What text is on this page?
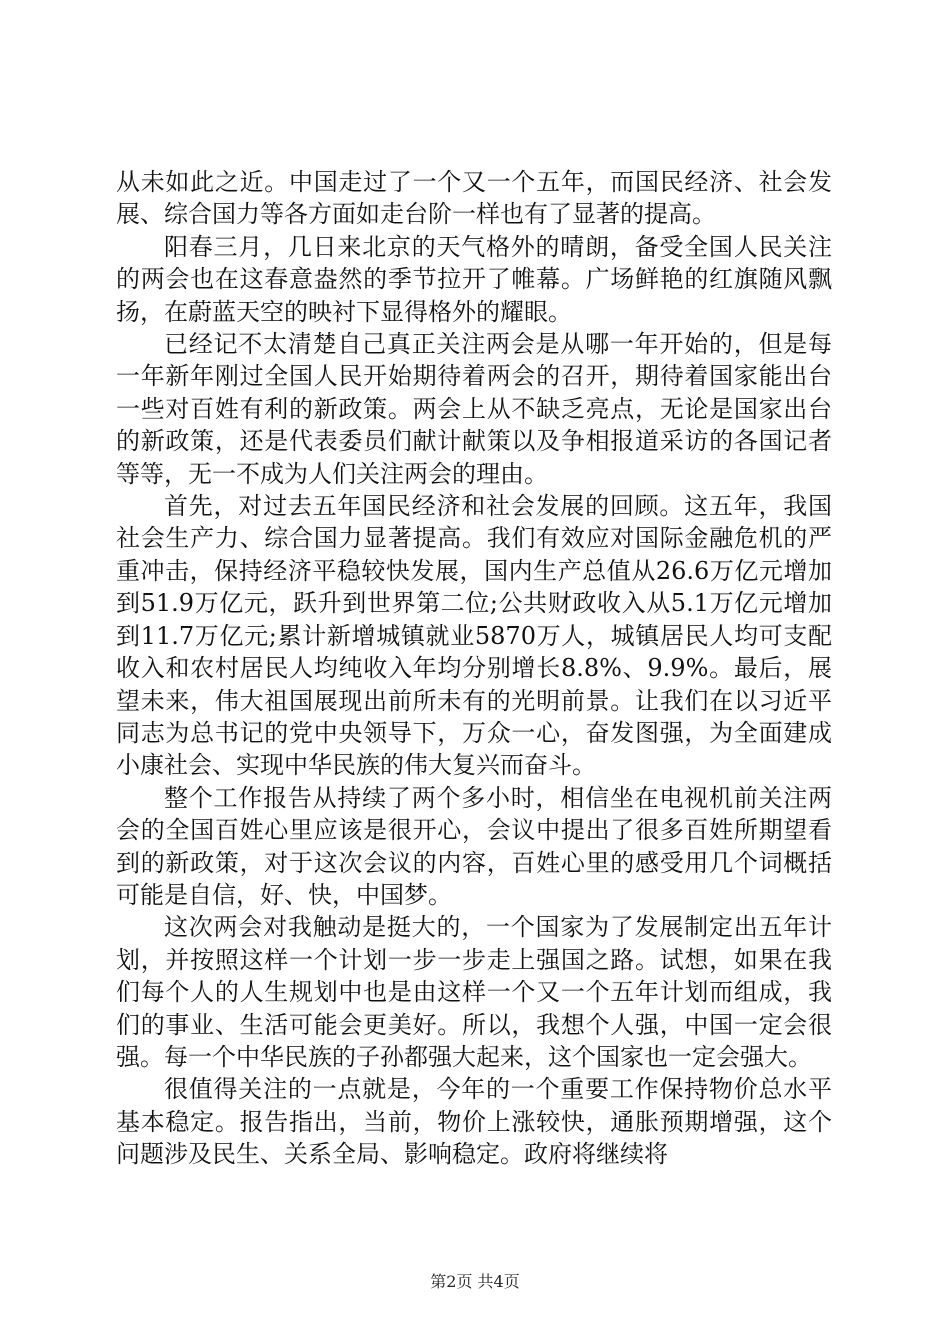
从未如此之近。中国走过了一个又一个五年，而国民经济、社会发展、综合国力等各方面如走台阶一样也有了显著的提高。

阳春三月，几日来北京的天气格外的晴朗，备受全国人民关注的两会也在这春意盎然的季节拉开了帷幕。广场鲜艳的红旗随风飘扬，在蔚蓝天空的映衬下显得格外的耀眼。

已经记不太清楚自己真正关注两会是从哪一年开始的，但是每一年新年刚过全国人民开始期待着两会的召开，期待着国家能出台一些对百姓有利的新政策。两会上从不缺乏亮点，无论是国家出台的新政策，还是代表委员们献计献策以及争相报道采访的各国记者等等，无一不成为人们关注两会的理由。

首先，对过去五年国民经济和社会发展的回顾。这五年，我国社会生产力、综合国力显著提高。我们有效应对国际金融危机的严重冲击，保持经济平稳较快发展，国内生产总值从26.6万亿元增加到51.9万亿元，跃升到世界第二位;公共财政收入从5.1万亿元增加到11.7万亿元;累计新增城镇就业5870万人，城镇居民人均可支配收入和农村居民人均纯收入年均分别增长8.8%、9.9%。最后，展望未来，伟大祖国展现出前所未有的光明前景。让我们在以习近平同志为总书记的党中央领导下，万众一心，奋发图强，为全面建成小康社会、实现中华民族的伟大复兴而奋斗。

整个工作报告从持续了两个多小时，相信坐在电视机前关注两会的全国百姓心里应该是很开心，会议中提出了很多百姓所期望看到的新政策，对于这次会议的内容，百姓心里的感受用几个词概括可能是自信，好、快，中国梦。

这次两会对我触动是挺大的，一个国家为了发展制定出五年计划，并按照这样一个计划一步一步走上强国之路。试想，如果在我们每个人的人生规划中也是由这样一个又一个五年计划而组成，我们的事业、生活可能会更美好。所以，我想个人强，中国一定会很强。每一个中华民族的子孙都强大起来，这个国家也一定会强大。

很值得关注的一点就是，今年的一个重要工作保持物价总水平基本稳定。报告指出，当前，物价上涨较快，通胀预期增强，这个问题涉及民生、关系全局、影响稳定。政府将继续将

第2页 共4页
